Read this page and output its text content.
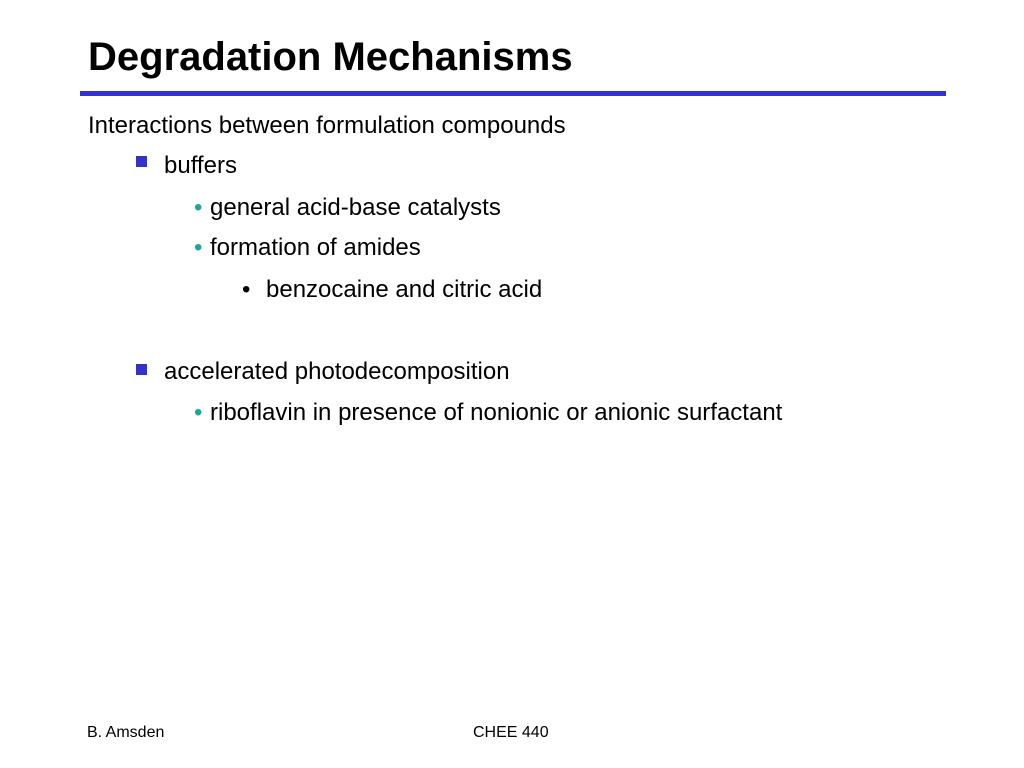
Degradation Mechanisms
Interactions between formulation compounds
buffers
• general acid-base catalysts
• formation of amides
• benzocaine and citric acid
accelerated photodecomposition
• riboflavin in presence of nonionic or anionic surfactant
B. Amsden	CHEE 440
